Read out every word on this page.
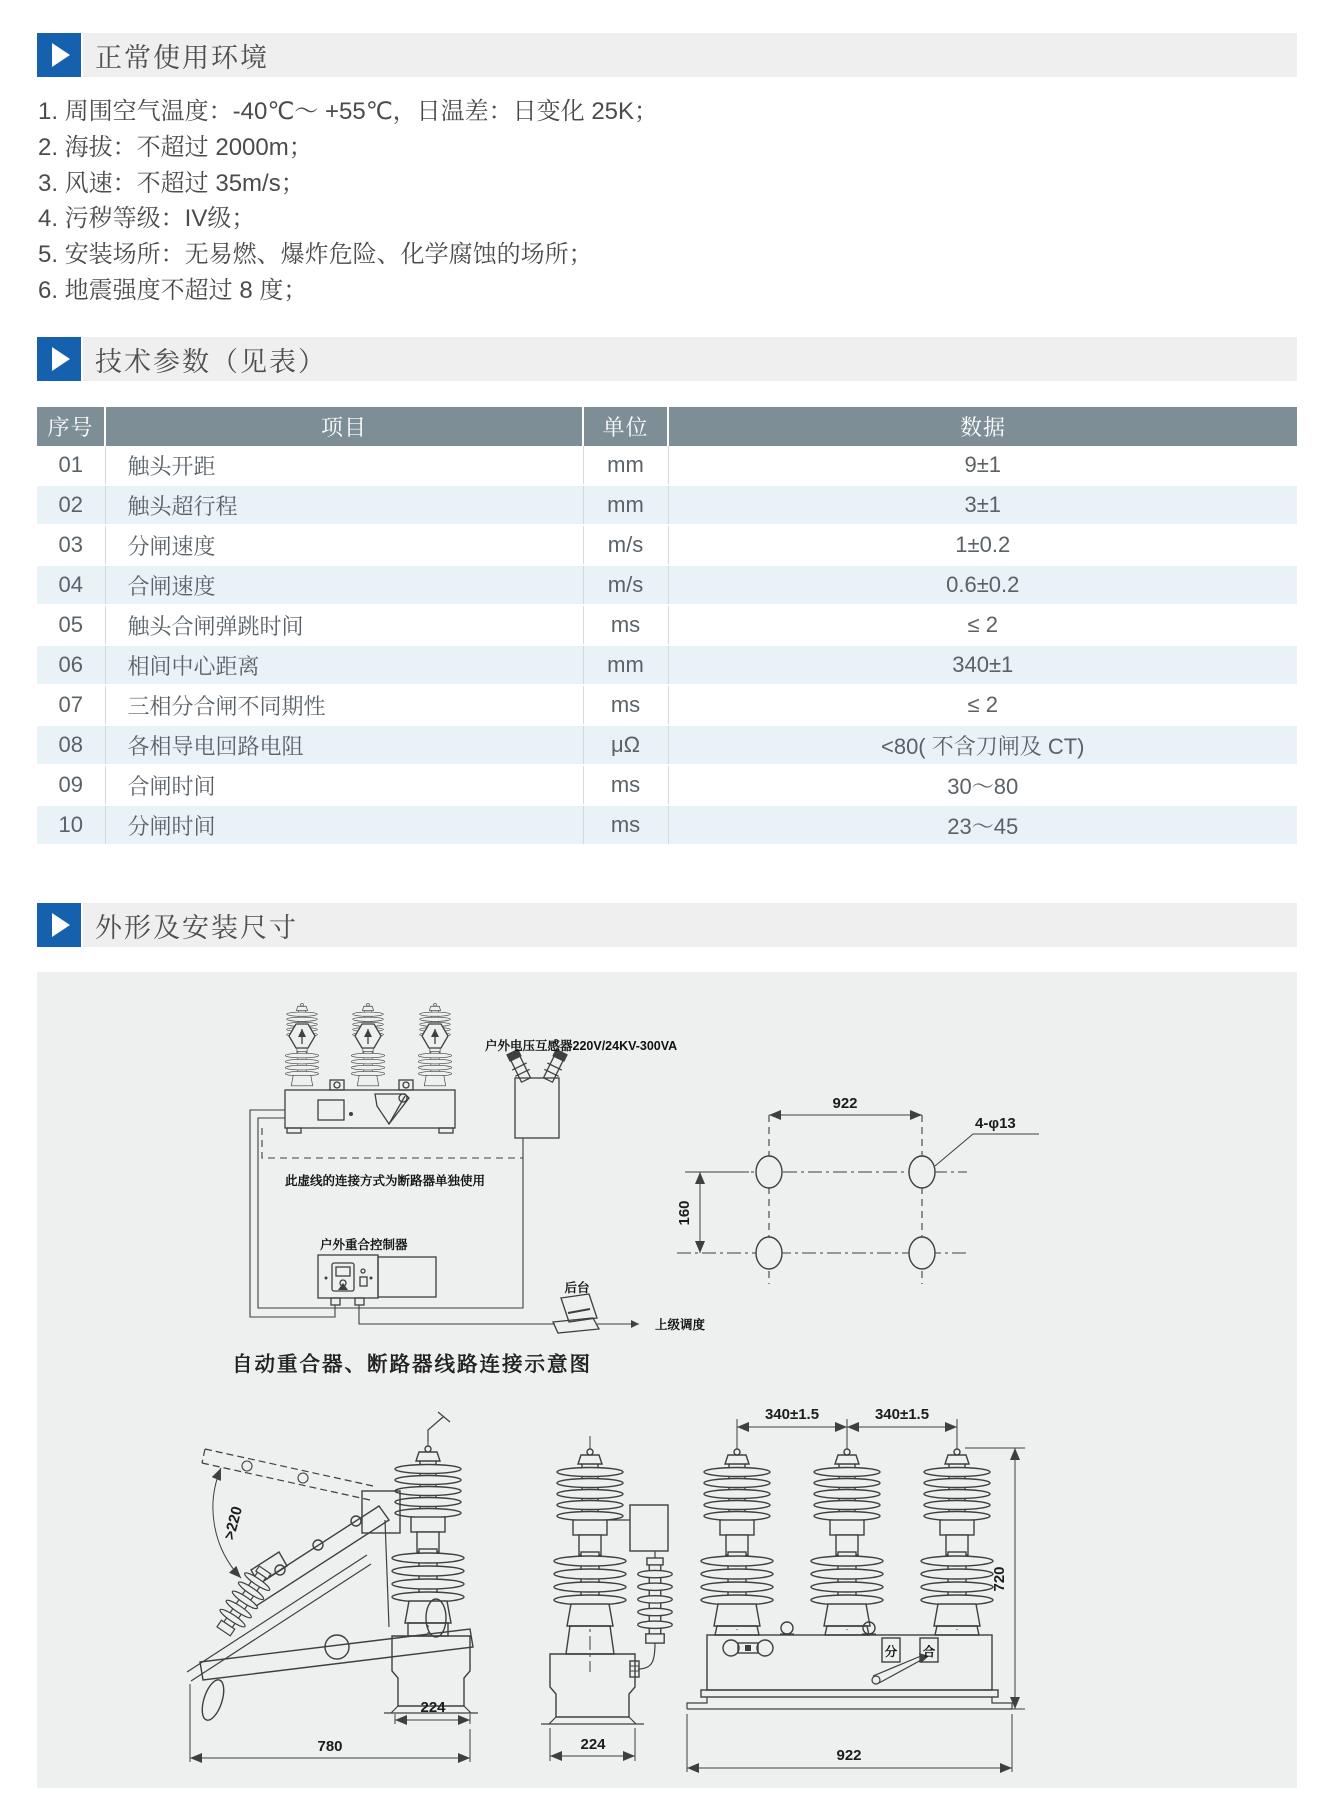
正常使用环境
1. 周围空气温度：-40℃～ +55℃，日温差：日变化 25K；
2. 海拔：不超过 2000m；
3. 风速：不超过 35m/s；
4. 污秽等级：IV级；
5. 安装场所：无易燃、爆炸危险、化学腐蚀的场所；
6. 地震强度不超过 8 度；
技术参数（见表）
序号	项目	单位	数据
01	触头开距	mm	9±1
02	触头超行程	mm	3±1
03	分闸速度	m/s	1±0.2
04	合闸速度	m/s	0.6±0.2
05	触头合闸弹跳时间	ms	≤ 2
06	相间中心距离	mm	340±1
07	三相分合闸不同期性	ms	≤ 2
08	各相导电回路电阻	μΩ	<80( 不含刀闸及 CT)
09	合闸时间	ms	30～80
10	分闸时间	ms	23～45
外形及安装尺寸
户外电压互感器220V/24KV-300VA
此虚线的连接方式为断路器单独使用
户外重合控制器
后台
上级调度
自动重合器、断路器线路连接示意图
922
160
4-φ13
>220
224
780	224
340±1.5	340±1.5
720
922
分 合
